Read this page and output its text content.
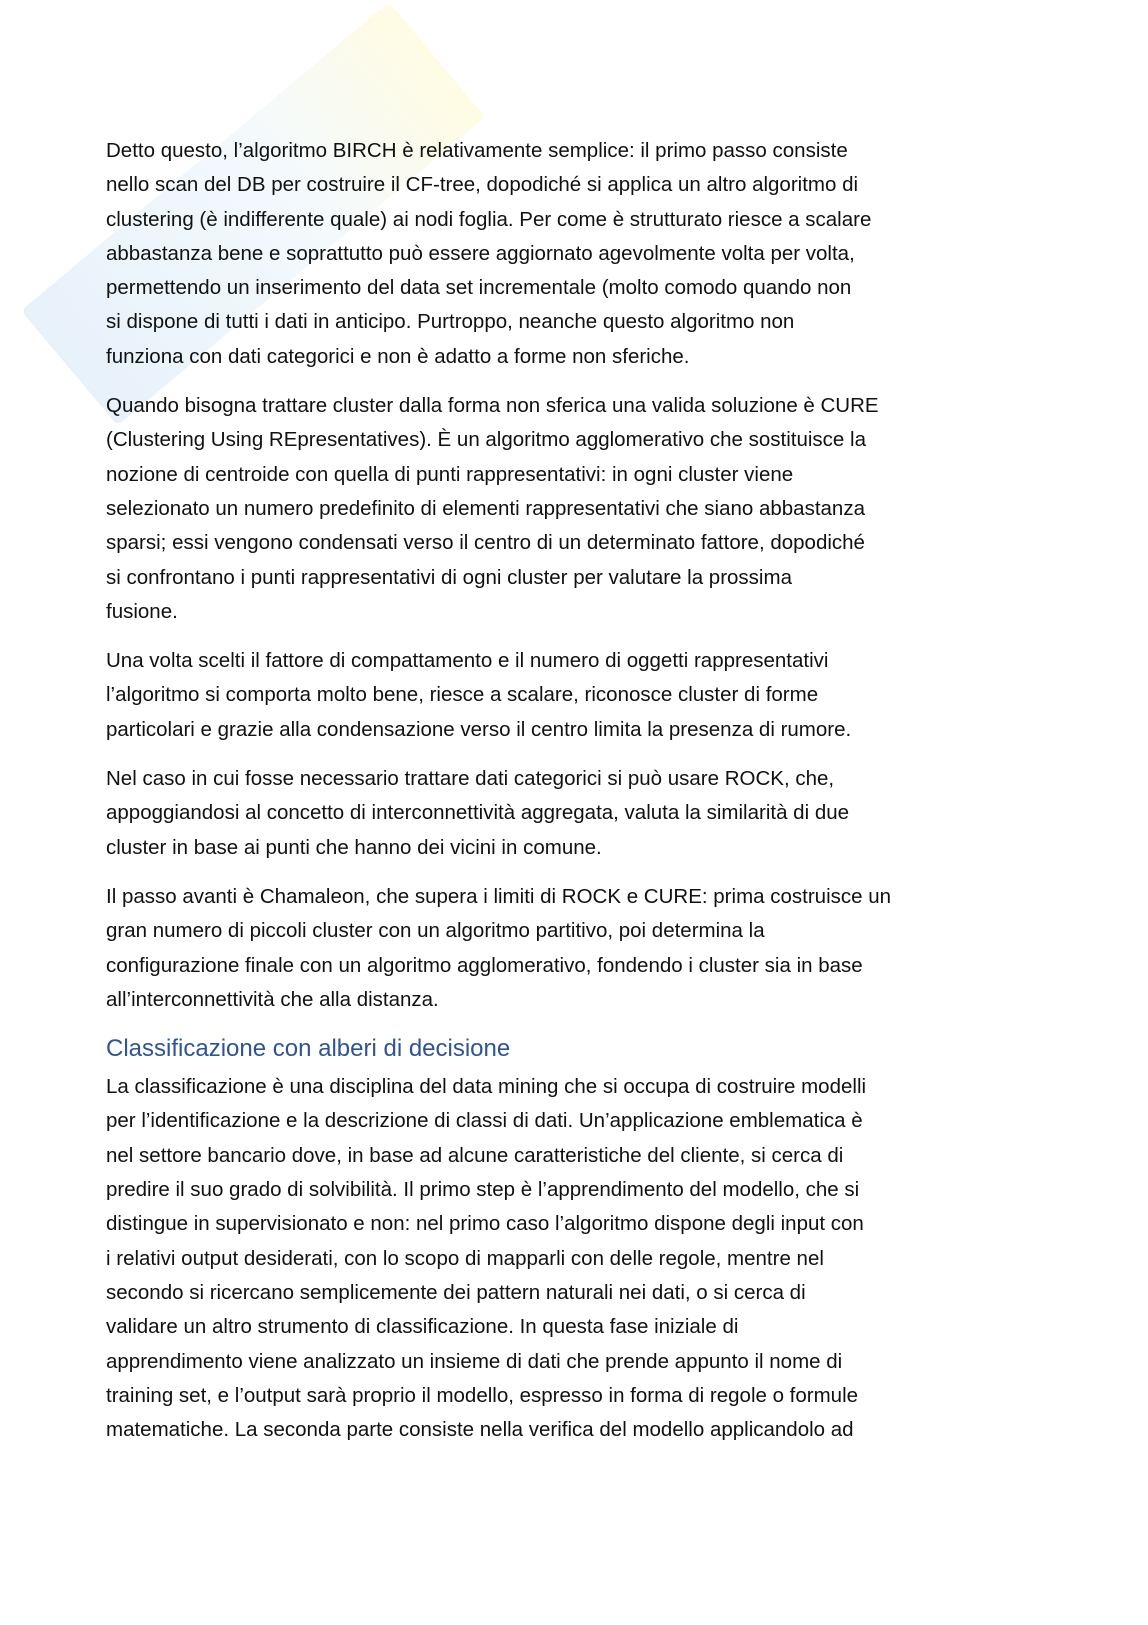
Detto questo, l’algoritmo BIRCH è relativamente semplice: il primo passo consiste
nello scan del DB per costruire il CF-tree, dopodiché si applica un altro algoritmo di
clustering (è indifferente quale) ai nodi foglia. Per come è strutturato riesce a scalare
abbastanza bene e soprattutto può essere aggiornato agevolmente volta per volta,
permettendo un inserimento del data set incrementale (molto comodo quando non
si dispone di tutti i dati in anticipo. Purtroppo, neanche questo algoritmo non
funziona con dati categorici e non è adatto a forme non sferiche.
Quando bisogna trattare cluster dalla forma non sferica una valida soluzione è CURE
(Clustering Using REpresentatives). È un algoritmo agglomerativo che sostituisce la
nozione di centroide con quella di punti rappresentativi: in ogni cluster viene
selezionato un numero predefinito di elementi rappresentativi che siano abbastanza
sparsi; essi vengono condensati verso il centro di un determinato fattore, dopodiché
si confrontano i punti rappresentativi di ogni cluster per valutare la prossima
fusione.
Una volta scelti il fattore di compattamento e il numero di oggetti rappresentativi
l’algoritmo si comporta molto bene, riesce a scalare, riconosce cluster di forme
particolari e grazie alla condensazione verso il centro limita la presenza di rumore.
Nel caso in cui fosse necessario trattare dati categorici si può usare ROCK, che,
appoggiandosi al concetto di interconnettività aggregata, valuta la similarità di due
cluster in base ai punti che hanno dei vicini in comune.
Il passo avanti è Chamaleon, che supera i limiti di ROCK e CURE: prima costruisce un
gran numero di piccoli cluster con un algoritmo partitivo, poi determina la
configurazione finale con un algoritmo agglomerativo, fondendo i cluster sia in base
all’interconnettività che alla distanza.
Classificazione con alberi di decisione
La classificazione è una disciplina del data mining che si occupa di costruire modelli
per l’identificazione e la descrizione di classi di dati. Un’applicazione emblematica è
nel settore bancario dove, in base ad alcune caratteristiche del cliente, si cerca di
predire il suo grado di solvibilità. Il primo step è l’apprendimento del modello, che si
distingue in supervisionato e non: nel primo caso l’algoritmo dispone degli input con
i relativi output desiderati, con lo scopo di mapparli con delle regole, mentre nel
secondo si ricercano semplicemente dei pattern naturali nei dati, o si cerca di
validare un altro strumento di classificazione. In questa fase iniziale di
apprendimento viene analizzato un insieme di dati che prende appunto il nome di
training set, e l’output sarà proprio il modello, espresso in forma di regole o formule
matematiche. La seconda parte consiste nella verifica del modello applicandolo ad
